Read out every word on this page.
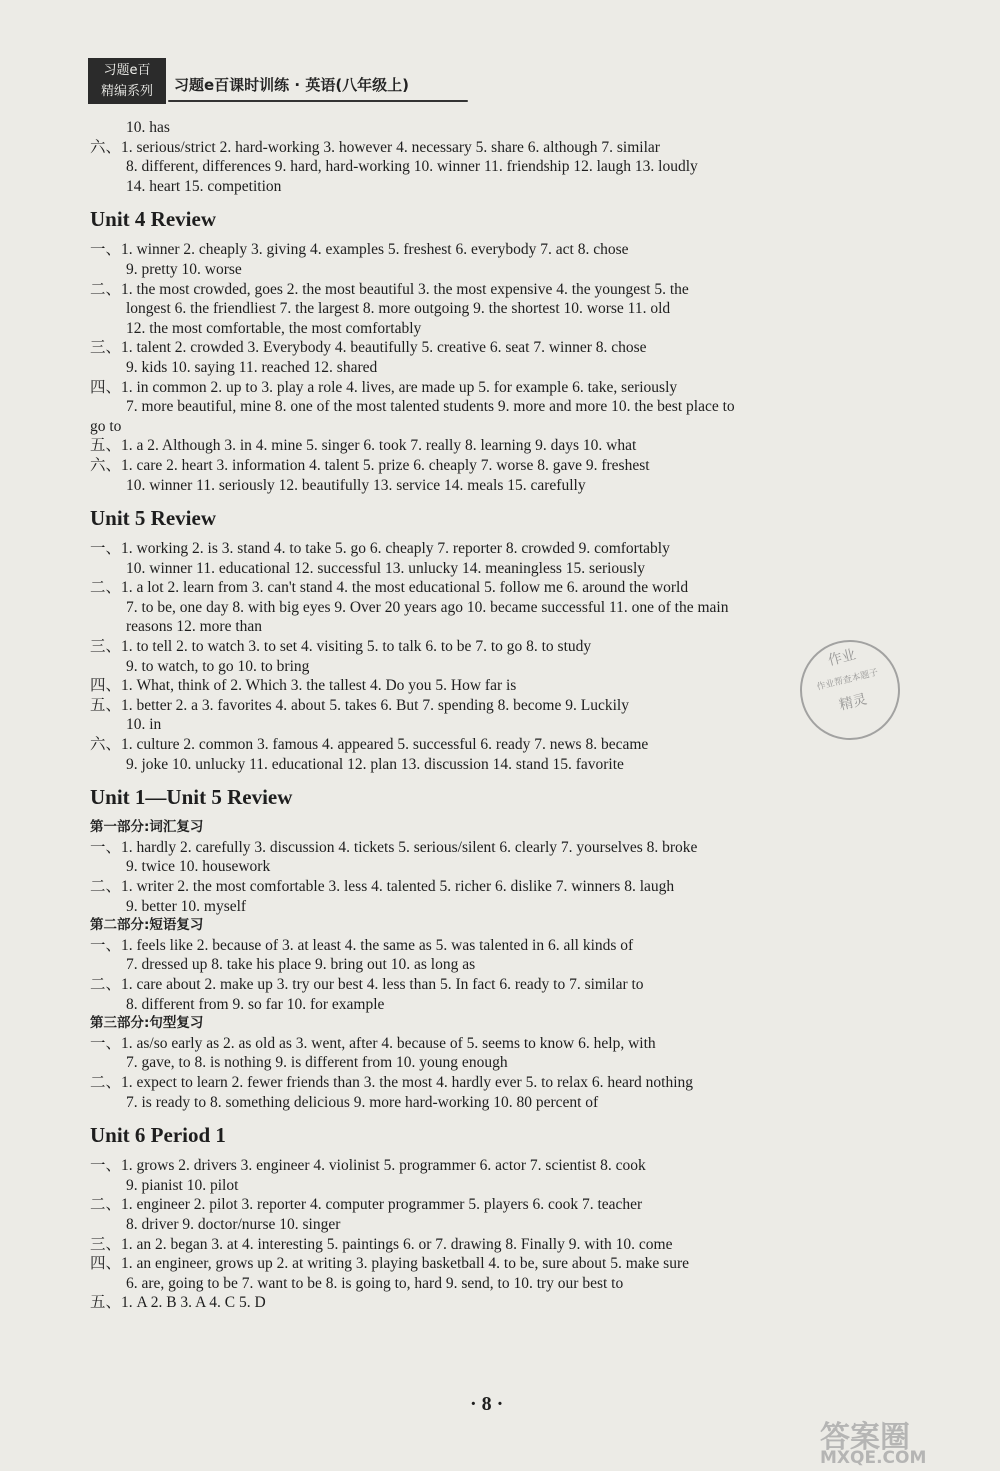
习题e百
精编系列	习题e百课时训练 · 英语(八年级上)
10. has
六、1. serious/strict 2. hard-working 3. however 4. necessary 5. share 6. although 7. similar
8. different, differences 9. hard, hard-working 10. winner 11. friendship 12. laugh 13. loudly
14. heart 15. competition
Unit 4 Review
一、1. winner 2. cheaply 3. giving 4. examples 5. freshest 6. everybody 7. act 8. chose
9. pretty 10. worse
二、1. the most crowded, goes 2. the most beautiful 3. the most expensive 4. the youngest 5. the
longest 6. the friendliest 7. the largest 8. more outgoing 9. the shortest 10. worse 11. old
12. the most comfortable, the most comfortably
三、1. talent 2. crowded 3. Everybody 4. beautifully 5. creative 6. seat 7. winner 8. chose
9. kids 10. saying 11. reached 12. shared
四、1. in common 2. up to 3. play a role 4. lives, are made up 5. for example 6. take, seriously
7. more beautiful, mine 8. one of the most talented students 9. more and more 10. the best place to
go to
五、1. a 2. Although 3. in 4. mine 5. singer 6. took 7. really 8. learning 9. days 10. what
六、1. care 2. heart 3. information 4. talent 5. prize 6. cheaply 7. worse 8. gave 9. freshest
10. winner 11. seriously 12. beautifully 13. service 14. meals 15. carefully
Unit 5 Review
一、1. working 2. is 3. stand 4. to take 5. go 6. cheaply 7. reporter 8. crowded 9. comfortably
10. winner 11. educational 12. successful 13. unlucky 14. meaningless 15. seriously
二、1. a lot 2. learn from 3. can't stand 4. the most educational 5. follow me 6. around the world
7. to be, one day 8. with big eyes 9. Over 20 years ago 10. became successful 11. one of the main
reasons 12. more than
三、1. to tell 2. to watch 3. to set 4. visiting 5. to talk 6. to be 7. to go 8. to study
9. to watch, to go 10. to bring
四、1. What, think of 2. Which 3. the tallest 4. Do you 5. How far is
五、1. better 2. a 3. favorites 4. about 5. takes 6. But 7. spending 8. become 9. Luckily
10. in
六、1. culture 2. common 3. famous 4. appeared 5. successful 6. ready 7. news 8. became
9. joke 10. unlucky 11. educational 12. plan 13. discussion 14. stand 15. favorite
Unit 1—Unit 5 Review
第一部分:词汇复习
一、1. hardly 2. carefully 3. discussion 4. tickets 5. serious/silent 6. clearly 7. yourselves 8. broke
9. twice 10. housework
二、1. writer 2. the most comfortable 3. less 4. talented 5. richer 6. dislike 7. winners 8. laugh
9. better 10. myself
第二部分:短语复习
一、1. feels like 2. because of 3. at least 4. the same as 5. was talented in 6. all kinds of
7. dressed up 8. take his place 9. bring out 10. as long as
二、1. care about 2. make up 3. try our best 4. less than 5. In fact 6. ready to 7. similar to
8. different from 9. so far 10. for example
第三部分:句型复习
一、1. as/so early as 2. as old as 3. went, after 4. because of 5. seems to know 6. help, with
7. gave, to 8. is nothing 9. is different from 10. young enough
二、1. expect to learn 2. fewer friends than 3. the most 4. hardly ever 5. to relax 6. heard nothing
7. is ready to 8. something delicious 9. more hard-working 10. 80 percent of
Unit 6 Period 1
一、1. grows 2. drivers 3. engineer 4. violinist 5. programmer 6. actor 7. scientist 8. cook
9. pianist 10. pilot
二、1. engineer 2. pilot 3. reporter 4. computer programmer 5. players 6. cook 7. teacher
8. driver 9. doctor/nurse 10. singer
三、1. an 2. began 3. at 4. interesting 5. paintings 6. or 7. drawing 8. Finally 9. with 10. come
四、1. an engineer, grows up 2. at writing 3. playing basketball 4. to be, sure about 5. make sure
6. are, going to be 7. want to be 8. is going to, hard 9. send, to 10. try our best to
五、1. A 2. B 3. A 4. C 5. D
作业
作业帮查本题子
精灵
· 8 ·
答案圈
MXQE.COM
